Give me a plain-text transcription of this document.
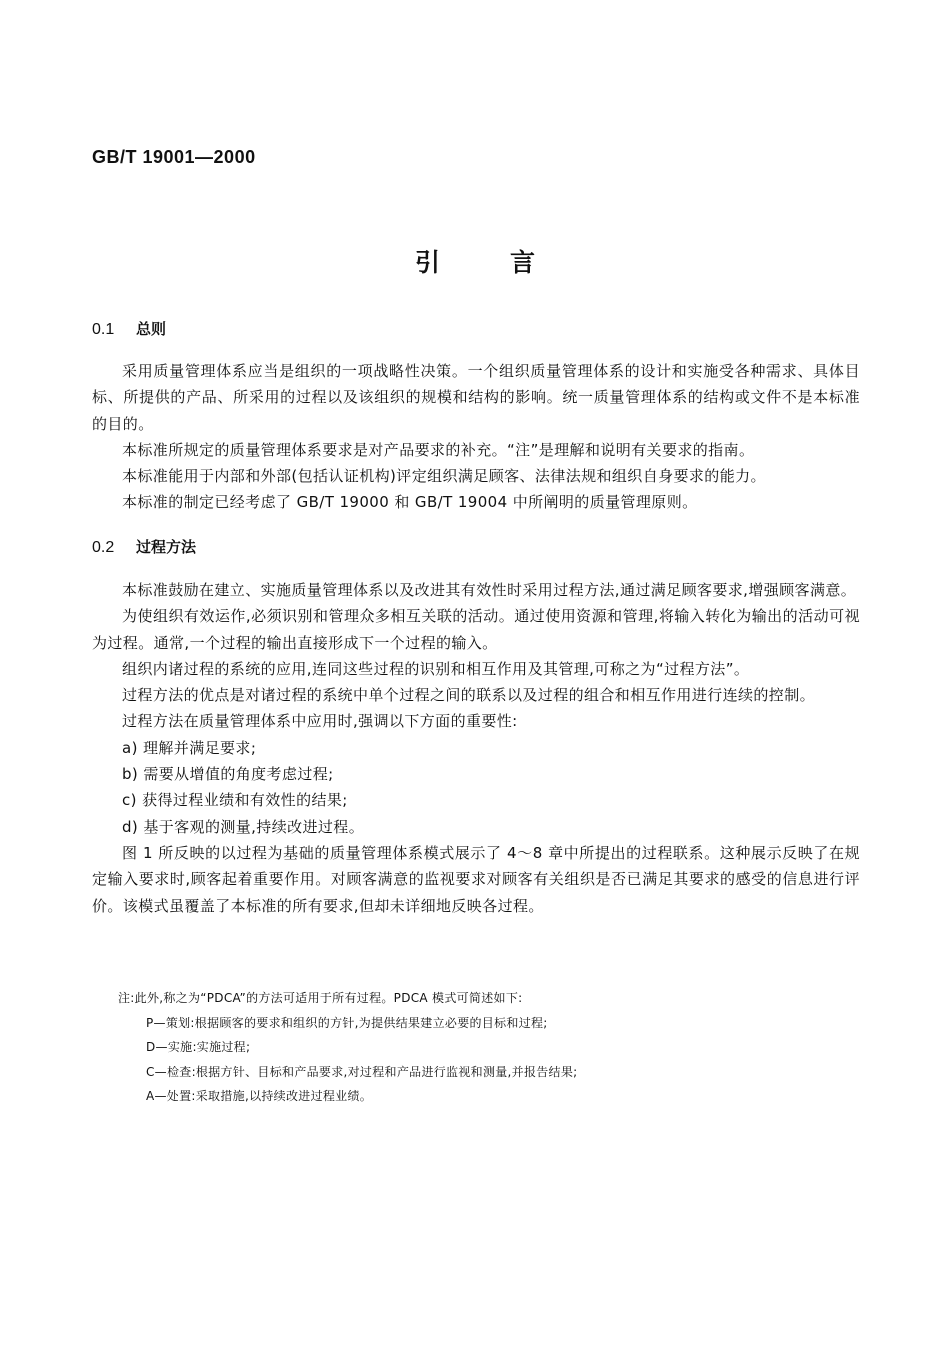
GB/T 19001—2000
引言
0.1 总则

采用质量管理体系应当是组织的一项战略性决策。一个组织质量管理体系的设计和实施受各种需求、具体目标、所提供的产品、所采用的过程以及该组织的规模和结构的影响。统一质量管理体系的结构或文件不是本标准的目的。

本标准所规定的质量管理体系要求是对产品要求的补充。“注”是理解和说明有关要求的指南。

本标准能用于内部和外部(包括认证机构)评定组织满足顾客、法律法规和组织自身要求的能力。

本标准的制定已经考虑了 GB/T 19000 和 GB/T 19004 中所阐明的质量管理原则。

0.2 过程方法

本标准鼓励在建立、实施质量管理体系以及改进其有效性时采用过程方法,通过满足顾客要求,增强顾客满意。

为使组织有效运作,必须识别和管理众多相互关联的活动。通过使用资源和管理,将输入转化为输出的活动可视为过程。通常,一个过程的输出直接形成下一个过程的输入。

组织内诸过程的系统的应用,连同这些过程的识别和相互作用及其管理,可称之为“过程方法”。

过程方法的优点是对诸过程的系统中单个过程之间的联系以及过程的组合和相互作用进行连续的控制。

过程方法在质量管理体系中应用时,强调以下方面的重要性:

a) 理解并满足要求;

b) 需要从增值的角度考虑过程;

c) 获得过程业绩和有效性的结果;

d) 基于客观的测量,持续改进过程。

图 1 所反映的以过程为基础的质量管理体系模式展示了 4～8 章中所提出的过程联系。这种展示反映了在规定输入要求时,顾客起着重要作用。对顾客满意的监视要求对顾客有关组织是否已满足其要求的感受的信息进行评价。该模式虽覆盖了本标准的所有要求,但却未详细地反映各过程。

注:此外,称之为“PDCA”的方法可适用于所有过程。PDCA 模式可简述如下:

P—策划:根据顾客的要求和组织的方针,为提供结果建立必要的目标和过程;

D—实施:实施过程;

C—检查:根据方针、目标和产品要求,对过程和产品进行监视和测量,并报告结果;

A—处置:采取措施,以持续改进过程业绩。
